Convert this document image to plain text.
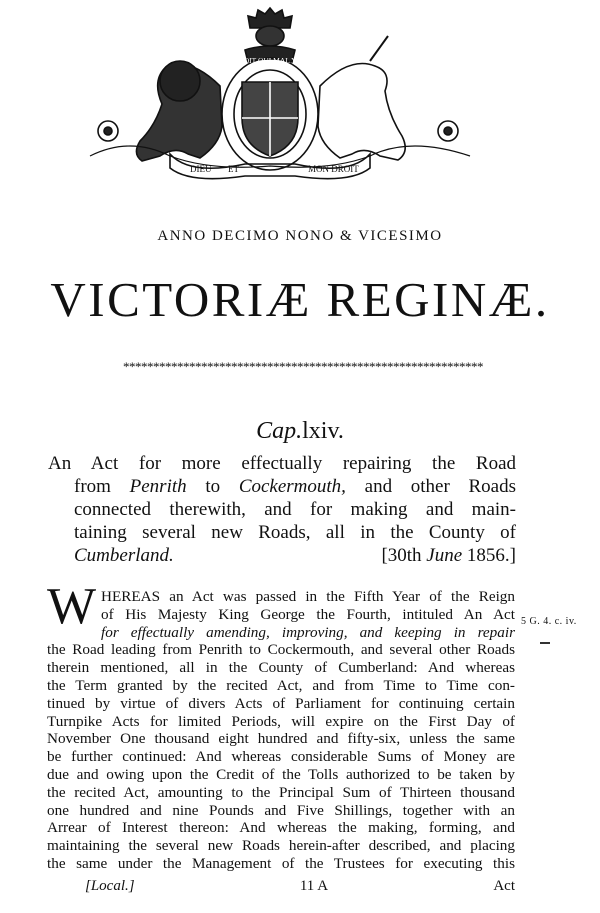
HONI SOIT QUI MAL Y PENSE
DIEU ET	MON DROIT
ANNO DECIMO NONO & VICESIMO
VICTORIÆ REGINÆ.
************************************************************
Cap.lxiv.
An Act for more effectually repairing the Road
from Penrith to Cockermouth, and other Roads
connected therewith, and for making and main-
taining several new Roads, all in the County of
Cumberland.	[30th June 1856.]
W HEREAS an Act was passed in the Fifth Year of the Reign
of His Majesty King George the Fourth, intituled An Act
for effectually amending, improving, and keeping in repair
the Road leading from Penrith to Cockermouth, and several other Roads
therein mentioned, all in the County of Cumberland: And whereas
the Term granted by the recited Act, and from Time to Time con-
tinued by virtue of divers Acts of Parliament for continuing certain
Turnpike Acts for limited Periods, will expire on the First Day of
November One thousand eight hundred and fifty-six, unless the same
be further continued: And whereas considerable Sums of Money are
due and owing upon the Credit of the Tolls authorized to be taken by
the recited Act, amounting to the Principal Sum of Thirteen thousand
one hundred and nine Pounds and Five Shillings, together with an
Arrear of Interest thereon: And whereas the making, forming, and
maintaining the several new Roads herein-after described, and placing
the same under the Management of the Trustees for executing this
5 G. 4. c. iv.
[Local.]	11 A	Act
